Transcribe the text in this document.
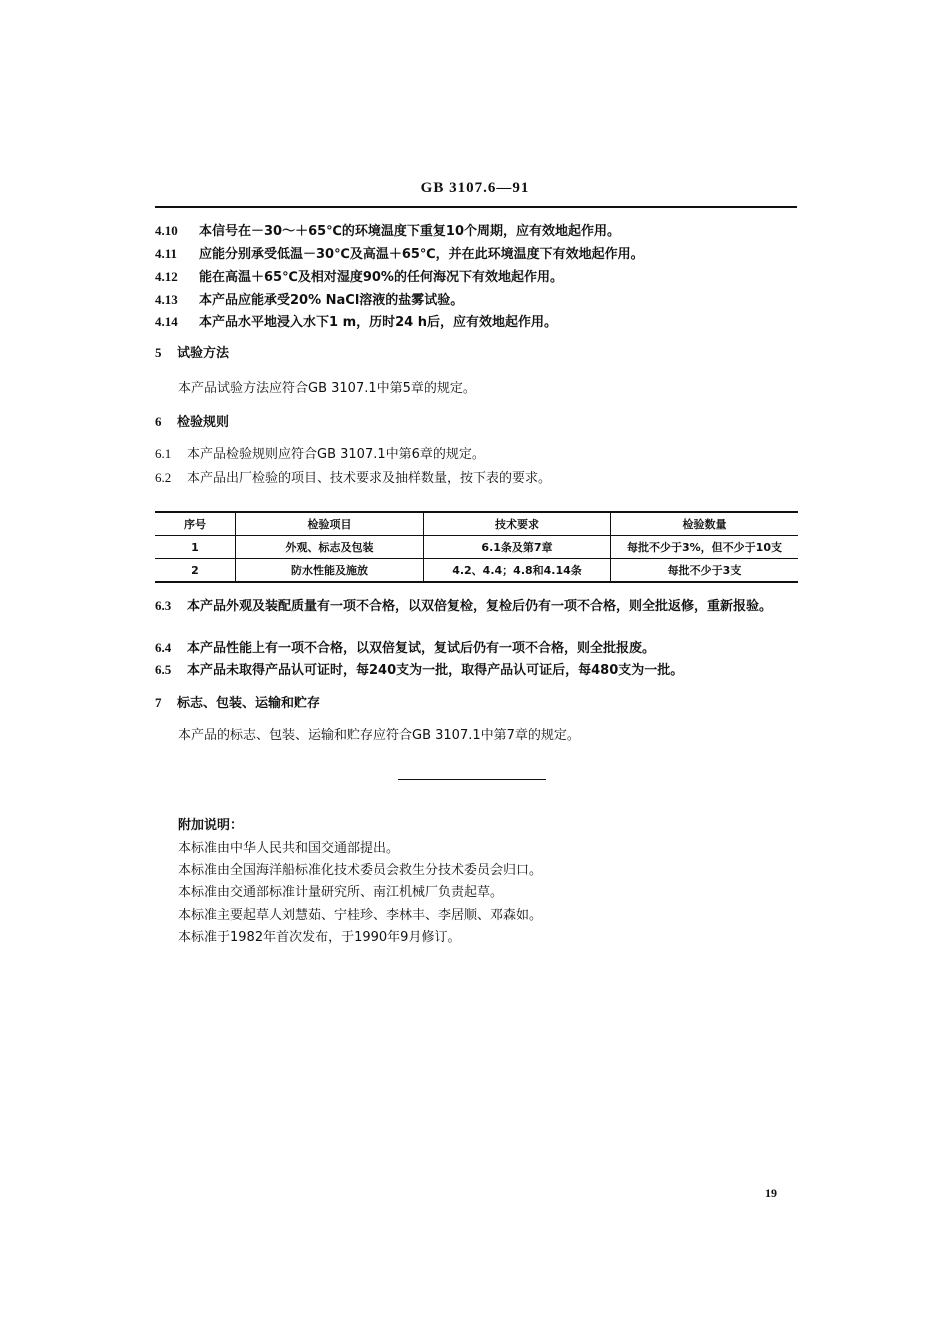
GB 3107.6—91
4.10 本信号在－30～＋65℃的环境温度下重复10个周期，应有效地起作用。
4.11 应能分别承受低温－30℃及高温＋65℃，并在此环境温度下有效地起作用。
4.12 能在高温＋65℃及相对湿度90%的任何海况下有效地起作用。
4.13 本产品应能承受20% NaCl溶液的盐雾试验。
4.14 本产品水平地浸入水下1 m，历时24 h后，应有效地起作用。
5 试验方法
本产品试验方法应符合GB 3107.1中第5章的规定。
6 检验规则
6.1 本产品检验规则应符合GB 3107.1中第6章的规定。
6.2 本产品出厂检验的项目、技术要求及抽样数量，按下表的要求。
序号	检验项目	技术要求	检验数量
1	外观、标志及包装	6.1条及第7章	每批不少于3%，但不少于10支
2	防水性能及施放	4.2、4.4；4.8和4.14条	每批不少于3支
6.3 本产品外观及装配质量有一项不合格，以双倍复检，复检后仍有一项不合格，则全批返修，重新报验。
6.4 本产品性能上有一项不合格，以双倍复试，复试后仍有一项不合格，则全批报废。
6.5 本产品未取得产品认可证时，每240支为一批，取得产品认可证后，每480支为一批。
7 标志、包装、运输和贮存
本产品的标志、包装、运输和贮存应符合GB 3107.1中第7章的规定。
附加说明：
本标准由中华人民共和国交通部提出。
本标准由全国海洋船标准化技术委员会救生分技术委员会归口。
本标准由交通部标准计量研究所、南江机械厂负责起草。
本标准主要起草人刘慧茹、宁桂珍、李林丰、李居顺、邓森如。
本标准于1982年首次发布，于1990年9月修订。
19
